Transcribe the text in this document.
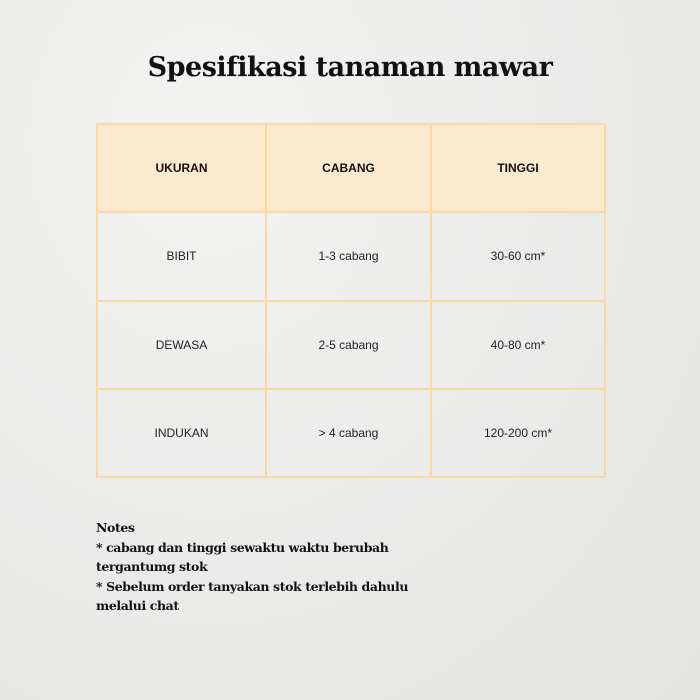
Spesifikasi tanaman mawar
UKURAN	CABANG	TINGGI
BIBIT	1-3 cabang	30-60 cm*
DEWASA	2-5 cabang	40-80 cm*
INDUKAN	> 4 cabang	120-200 cm*
Notes
* cabang dan tinggi sewaktu waktu berubah tergantumg stok
* Sebelum order tanyakan stok terlebih dahulu melalui chat
